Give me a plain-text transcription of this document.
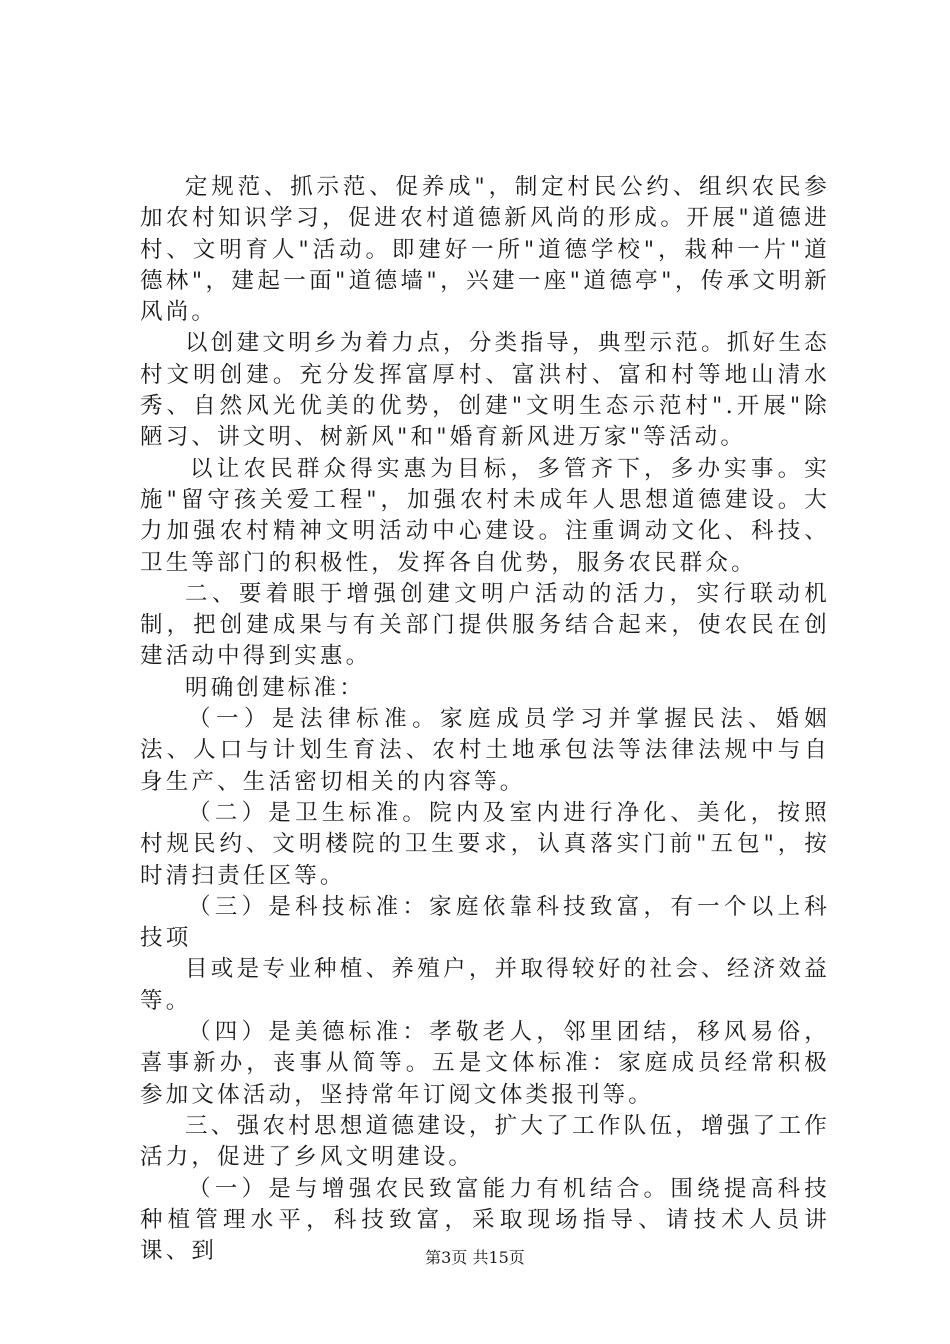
定规范、抓示范、促养成"，制定村民公约、组织农民参加农村知识学习，促进农村道德新风尚的形成。开展"道德进村、文明育人"活动。即建好一所"道德学校"，栽种一片"道德林"，建起一面"道德墙"，兴建一座"道德亭"，传承文明新风尚。

以创建文明乡为着力点，分类指导，典型示范。抓好生态村文明创建。充分发挥富厚村、富洪村、富和村等地山清水秀、自然风光优美的优势，创建"文明生态示范村".开展"除陋习、讲文明、树新风"和"婚育新风进万家"等活动。

以让农民群众得实惠为目标，多管齐下，多办实事。实施"留守孩关爱工程"，加强农村未成年人思想道德建设。大力加强农村精神文明活动中心建设。注重调动文化、科技、卫生等部门的积极性，发挥各自优势，服务农民群众。

二、要着眼于增强创建文明户活动的活力，实行联动机制，把创建成果与有关部门提供服务结合起来，使农民在创建活动中得到实惠。

明确创建标准：

（一）是法律标准。家庭成员学习并掌握民法、婚姻法、人口与计划生育法、农村土地承包法等法律法规中与自身生产、生活密切相关的内容等。

（二）是卫生标准。院内及室内进行净化、美化，按照村规民约、文明楼院的卫生要求，认真落实门前"五包"，按时清扫责任区等。

（三）是科技标准：家庭依靠科技致富，有一个以上科技项

目或是专业种植、养殖户，并取得较好的社会、经济效益等。

（四）是美德标准：孝敬老人，邻里团结，移风易俗，喜事新办，丧事从简等。五是文体标准：家庭成员经常积极参加文体活动，坚持常年订阅文体类报刊等。

三、强农村思想道德建设，扩大了工作队伍，增强了工作活力，促进了乡风文明建设。

（一）是与增强农民致富能力有机结合。围绕提高科技种植管理水平，科技致富，采取现场指导、请技术人员讲课、到	第3页 共15页
